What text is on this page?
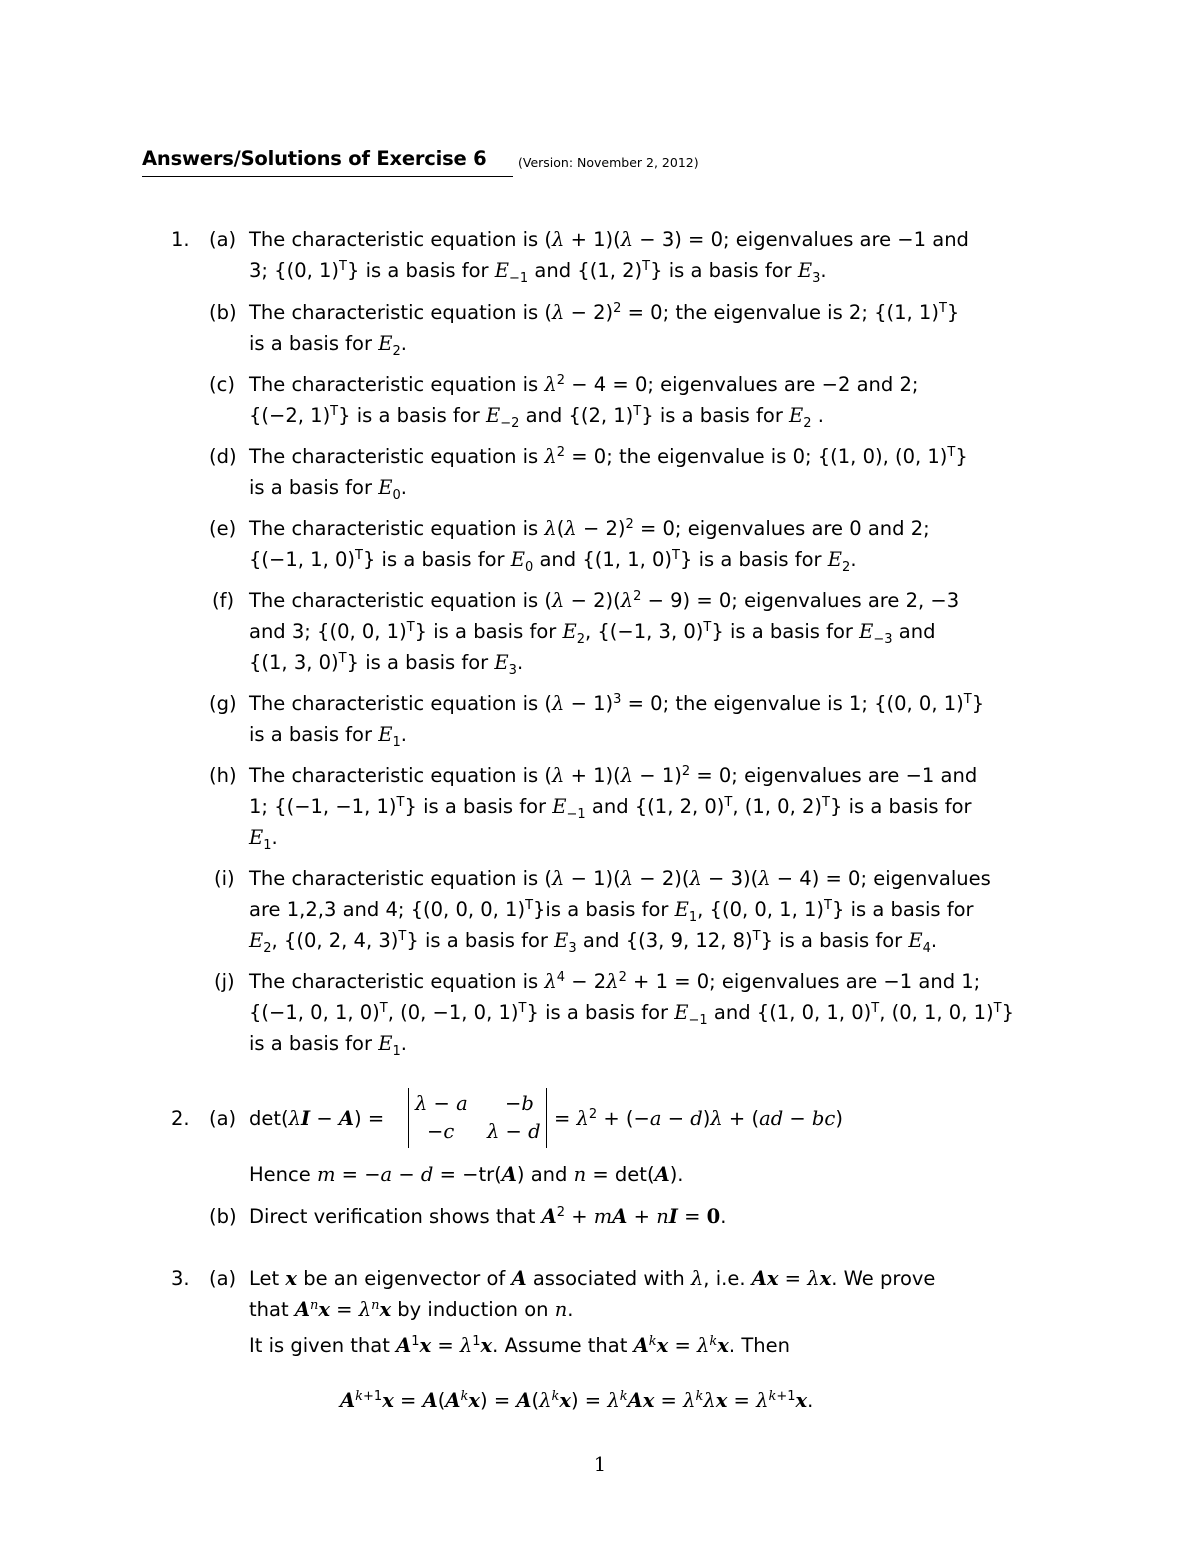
Answers/Solutions of Exercise 6	(Version: November 2, 2012)
1. (a) The characteristic equation is (λ + 1)(λ − 3) = 0; eigenvalues are −1 and
3; {(0, 1)$^T$} is a basis for $E_{-1}$ and {(1, 2)$^T$} is a basis for $E_3$.
(b) The characteristic equation is $(\lambda - 2)^2 = 0$; the eigenvalue is 2; {(1, 1)$^T$}
is a basis for $E_2$.
(c) The characteristic equation is $\lambda^2 - 4 = 0$; eigenvalues are −2 and 2;
{(−2, 1)$^T$} is a basis for $E_{-2}$ and {(2, 1)$^T$} is a basis for $E_2$ .
(d) The characteristic equation is $\lambda^2 = 0$; the eigenvalue is 0; {(1, 0), (0, 1)$^T$}
is a basis for $E_0$.
(e) The characteristic equation is $\lambda(\lambda - 2)^2 = 0$; eigenvalues are 0 and 2;
{(−1, 1, 0)$^T$} is a basis for $E_0$ and {(1, 1, 0)$^T$} is a basis for $E_2$.
(f) The characteristic equation is $(\lambda - 2)(\lambda^2 - 9) = 0$; eigenvalues are 2, −3
and 3; {(0, 0, 1)$^T$} is a basis for $E_2$, {(−1, 3, 0)$^T$} is a basis for $E_{-3}$ and
{(1, 3, 0)$^T$} is a basis for $E_3$.
(g) The characteristic equation is $(\lambda - 1)^3 = 0$; the eigenvalue is 1; {(0, 0, 1)$^T$}
is a basis for $E_1$.
(h) The characteristic equation is $(\lambda + 1)(\lambda - 1)^2 = 0$; eigenvalues are −1 and
1; {(−1, −1, 1)$^T$} is a basis for $E_{-1}$ and {(1, 2, 0)$^T$, (1, 0, 2)$^T$} is a basis for
$E_1$.
(i) The characteristic equation is (λ − 1)(λ − 2)(λ − 3)(λ − 4) = 0; eigenvalues
are 1,2,3 and 4; {(0, 0, 0, 1)$^T$}is a basis for $E_1$, {(0, 0, 1, 1)$^T$} is a basis for
$E_2$, {(0, 2, 4, 3)$^T$} is a basis for $E_3$ and {(3, 9, 12, 8)$^T$} is a basis for $E_4$.
(j) The characteristic equation is $\lambda^4 - 2\lambda^2 + 1 = 0$; eigenvalues are −1 and 1;
{(−1, 0, 1, 0)$^T$, (0, −1, 0, 1)$^T$} is a basis for $E_{-1}$ and {(1, 0, 1, 0)$^T$, (0, 1, 0, 1)$^T$}
is a basis for $E_1$.
2. (a) det(λI − A) =
λ − a −b
−c λ − d
= $\lambda^2 + (-a - d)\lambda + (ad - bc)$
Hence m = −a − d = −tr(A) and n = det(A).
(b) Direct verification shows that $A^2$ + mA + nI = 0.
3. (a) Let x be an eigenvector of A associated with λ, i.e. Ax = λx. We prove
that $A^nx = \lambda^nx$ by induction on n.
It is given that $A^1x = \lambda^1x$. Assume that $A^kx = \lambda^kx$. Then
$A^{k+1}x = A(A^kx) = A(\lambda^kx) = \lambda^kAx = \lambda^k\lambda x = \lambda^{k+1}x$.
1
